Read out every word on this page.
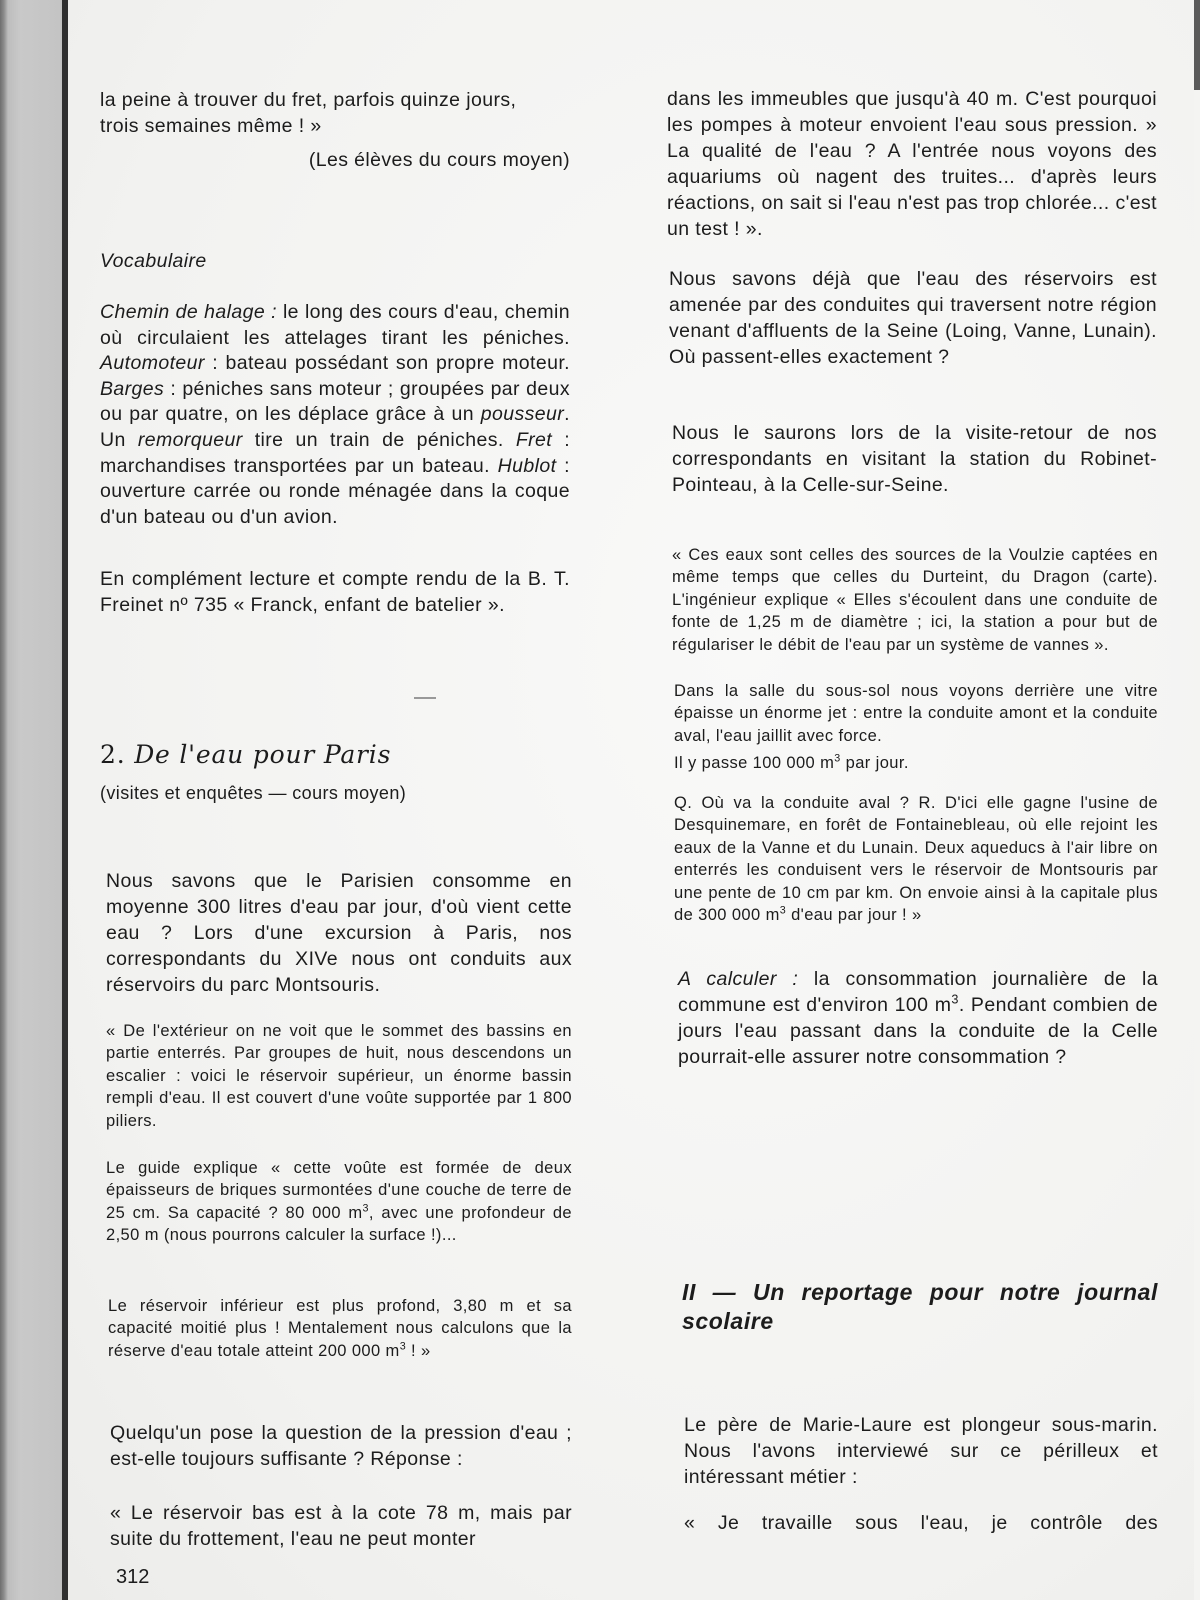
la peine à trouver du fret, parfois quinze jours,
trois semaines même ! »

(Les élèves du cours moyen)

Vocabulaire

Chemin de halage : le long des cours d'eau, chemin où circulaient les attelages tirant les péniches. Automoteur : bateau possédant son propre moteur. Barges : péniches sans moteur ; groupées par deux ou par quatre, on les déplace grâce à un pousseur. Un remorqueur tire un train de péniches. Fret : marchandises transportées par un bateau. Hublot : ouverture carrée ou ronde ménagée dans la coque d'un bateau ou d'un avion.

En complément lecture et compte rendu de la B. T. Freinet nº 735 « Franck, enfant de batelier ».

2. De l'eau pour Paris

(visites et enquêtes — cours moyen)

Nous savons que le Parisien consomme en moyenne 300 litres d'eau par jour, d'où vient cette eau ? Lors d'une excursion à Paris, nos correspondants du XIVe nous ont conduits aux réservoirs du parc Montsouris.

« De l'extérieur on ne voit que le sommet des bassins en partie enterrés. Par groupes de huit, nous descendons un escalier : voici le réservoir supérieur, un énorme bassin rempli d'eau. Il est couvert d'une voûte supportée par 1 800 piliers.

Le guide explique « cette voûte est formée de deux épaisseurs de briques surmontées d'une couche de terre de 25 cm. Sa capacité ? 80 000 $m^3$, avec une profondeur de 2,50 m (nous pourrons calculer la surface !)...

Le réservoir inférieur est plus profond, 3,80 m et sa capacité moitié plus ! Mentalement nous calculons que la réserve d'eau totale atteint 200 000 $m^3$ ! »

Quelqu'un pose la question de la pression d'eau ; est-elle toujours suffisante ? Réponse :

« Le réservoir bas est à la cote 78 m, mais par suite du frottement, l'eau ne peut monter

312

dans les immeubles que jusqu'à 40 m. C'est pourquoi les pompes à moteur envoient l'eau sous pression. » La qualité de l'eau ? A l'entrée nous voyons des aquariums où nagent des truites... d'après leurs réactions, on sait si l'eau n'est pas trop chlorée... c'est un test ! ».

Nous savons déjà que l'eau des réservoirs est amenée par des conduites qui traversent notre région venant d'affluents de la Seine (Loing, Vanne, Lunain). Où passent-elles exactement ?

Nous le saurons lors de la visite-retour de nos correspondants en visitant la station du Robinet-Pointeau, à la Celle-sur-Seine.

« Ces eaux sont celles des sources de la Voulzie captées en même temps que celles du Durteint, du Dragon (carte). L'ingénieur explique « Elles s'écoulent dans une conduite de fonte de 1,25 m de diamètre ; ici, la station a pour but de régulariser le débit de l'eau par un système de vannes ».

Dans la salle du sous-sol nous voyons derrière une vitre épaisse un énorme jet : entre la conduite amont et la conduite aval, l'eau jaillit avec force.

Il y passe 100 000 $m^3$ par jour.

Q. Où va la conduite aval ? R. D'ici elle gagne l'usine de Desquinemare, en forêt de Fontainebleau, où elle rejoint les eaux de la Vanne et du Lunain. Deux aqueducs à l'air libre on enterrés les conduisent vers le réservoir de Montsouris par une pente de 10 cm par km. On envoie ainsi à la capitale plus de 300 000 $m^3$ d'eau par jour ! »

A calculer : la consommation journalière de la commune est d'environ 100 $m^3$. Pendant combien de jours l'eau passant dans la conduite de la Celle pourrait-elle assurer notre consommation ?

II — Un reportage pour notre journal scolaire

Le père de Marie-Laure est plongeur sous-marin. Nous l'avons interviewé sur ce périlleux et intéressant métier :

« Je travaille sous l'eau, je contrôle des
